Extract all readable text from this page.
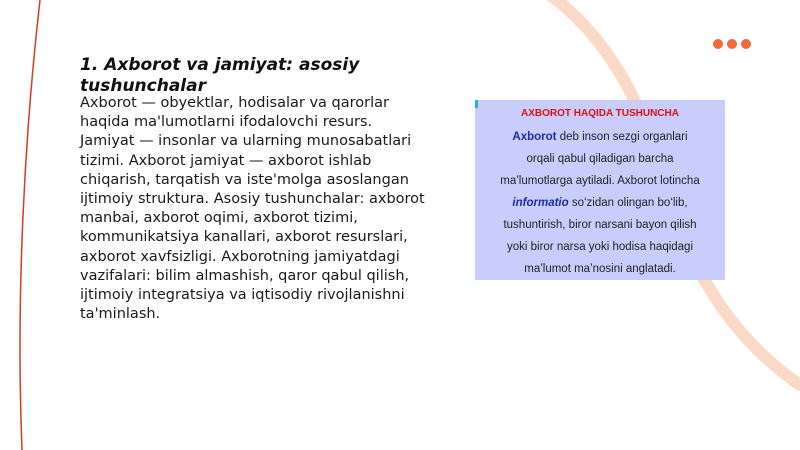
1. Axborot va jamiyat: asosiy tushunchalar

Axborot — obyektlar, hodisalar va qarorlar haqida ma'lumotlarni ifodalovchi resurs. Jamiyat — insonlar va ularning munosabatlari tizimi. Axborot jamiyat — axborot ishlab chiqarish, tarqatish va iste'molga asoslangan ijtimoiy struktura. Asosiy tushunchalar: axborot manbai, axborot oqimi, axborot tizimi, kommunikatsiya kanallari, axborot resurslari, axborot xavfsizligi. Axborotning jamiyatdagi vazifalari: bilim almashish, qaror qabul qilish, ijtimoiy integratsiya va iqtisodiy rivojlanishni ta'minlash.

AXBOROT HAQIDA TUSHUNCHA

Axborot deb inson sezgi organlari

orqali qabul qiladigan barcha

ma’lumotlarga aytiladi. Axborot lotincha

informatio so‘zidan olingan bo‘lib,

tushuntirish, biror narsani bayon qilish

yoki biror narsa yoki hodisa haqidagi

ma’lumot ma’nosini anglatadi.
